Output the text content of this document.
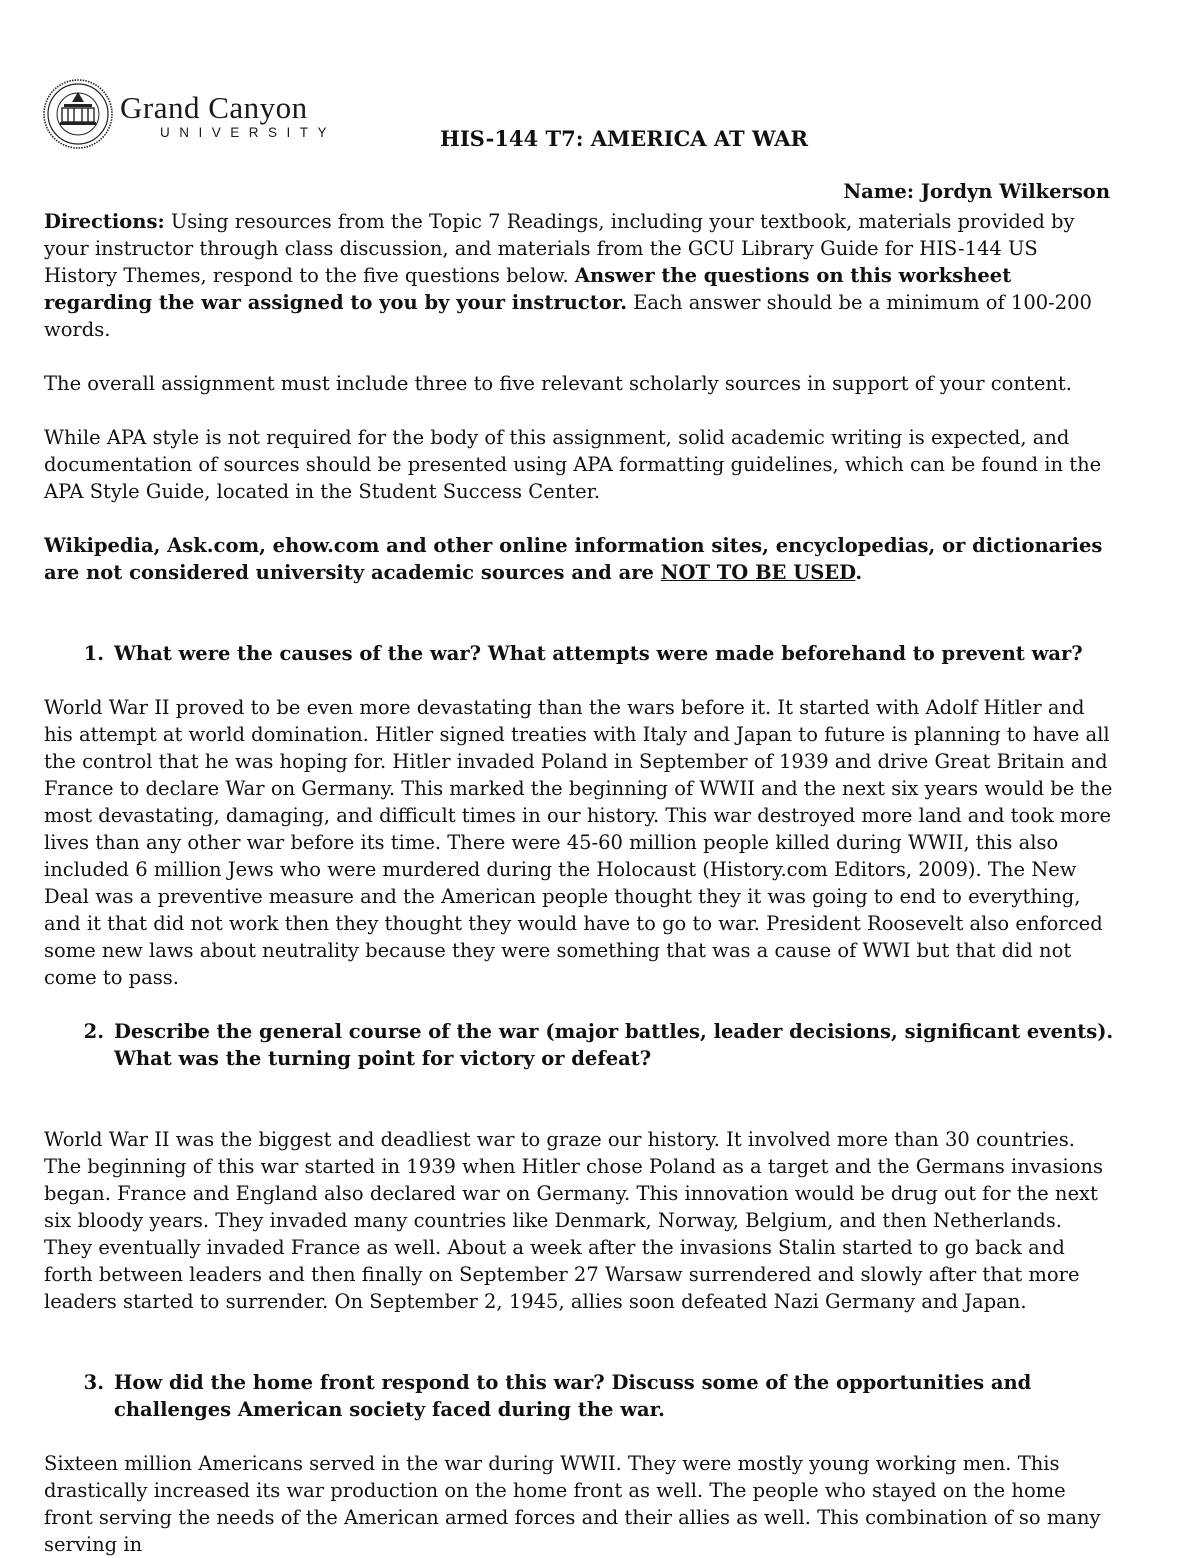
Grand Canyon
UNIVERSITY	HIS-144 T7: AMERICA AT WAR
Name: Jordyn Wilkerson

Directions: Using resources from the Topic 7 Readings, including your textbook, materials provided by your instructor through class discussion, and materials from the GCU Library Guide for HIS-144 US History Themes, respond to the five questions below. Answer the questions on this worksheet regarding the war assigned to you by your instructor. Each answer should be a minimum of 100-200 words.

The overall assignment must include three to five relevant scholarly sources in support of your content.

While APA style is not required for the body of this assignment, solid academic writing is expected, and documentation of sources should be presented using APA formatting guidelines, which can be found in the APA Style Guide, located in the Student Success Center.

Wikipedia, Ask.com, ehow.com and other online information sites, encyclopedias, or dictionaries are not considered university academic sources and are NOT TO BE USED.

1. What were the causes of the war? What attempts were made beforehand to prevent war?

World War II proved to be even more devastating than the wars before it. It started with Adolf Hitler and his attempt at world domination. Hitler signed treaties with Italy and Japan to future is planning to have all the control that he was hoping for. Hitler invaded Poland in September of 1939 and drive Great Britain and France to declare War on Germany. This marked the beginning of WWII and the next six years would be the most devastating, damaging, and difficult times in our history. This war destroyed more land and took more lives than any other war before its time. There were 45-60 million people killed during WWII, this also included 6 million Jews who were murdered during the Holocaust (History.com Editors, 2009). The New Deal was a preventive measure and the American people thought they it was going to end to everything, and it that did not work then they thought they would have to go to war. President Roosevelt also enforced some new laws about neutrality because they were something that was a cause of WWI but that did not come to pass.

2. Describe the general course of the war (major battles, leader decisions, significant events). What was the turning point for victory or defeat?

World War II was the biggest and deadliest war to graze our history. It involved more than 30 countries. The beginning of this war started in 1939 when Hitler chose Poland as a target and the Germans invasions began. France and England also declared war on Germany. This innovation would be drug out for the next six bloody years. They invaded many countries like Denmark, Norway, Belgium, and then Netherlands. They eventually invaded France as well. About a week after the invasions Stalin started to go back and forth between leaders and then finally on September 27 Warsaw surrendered and slowly after that more leaders started to surrender. On September 2, 1945, allies soon defeated Nazi Germany and Japan.

3. How did the home front respond to this war? Discuss some of the opportunities and challenges American society faced during the war.

Sixteen million Americans served in the war during WWII. They were mostly young working men. This drastically increased its war production on the home front as well. The people who stayed on the home front serving the needs of the American armed forces and their allies as well. This combination of so many serving in
